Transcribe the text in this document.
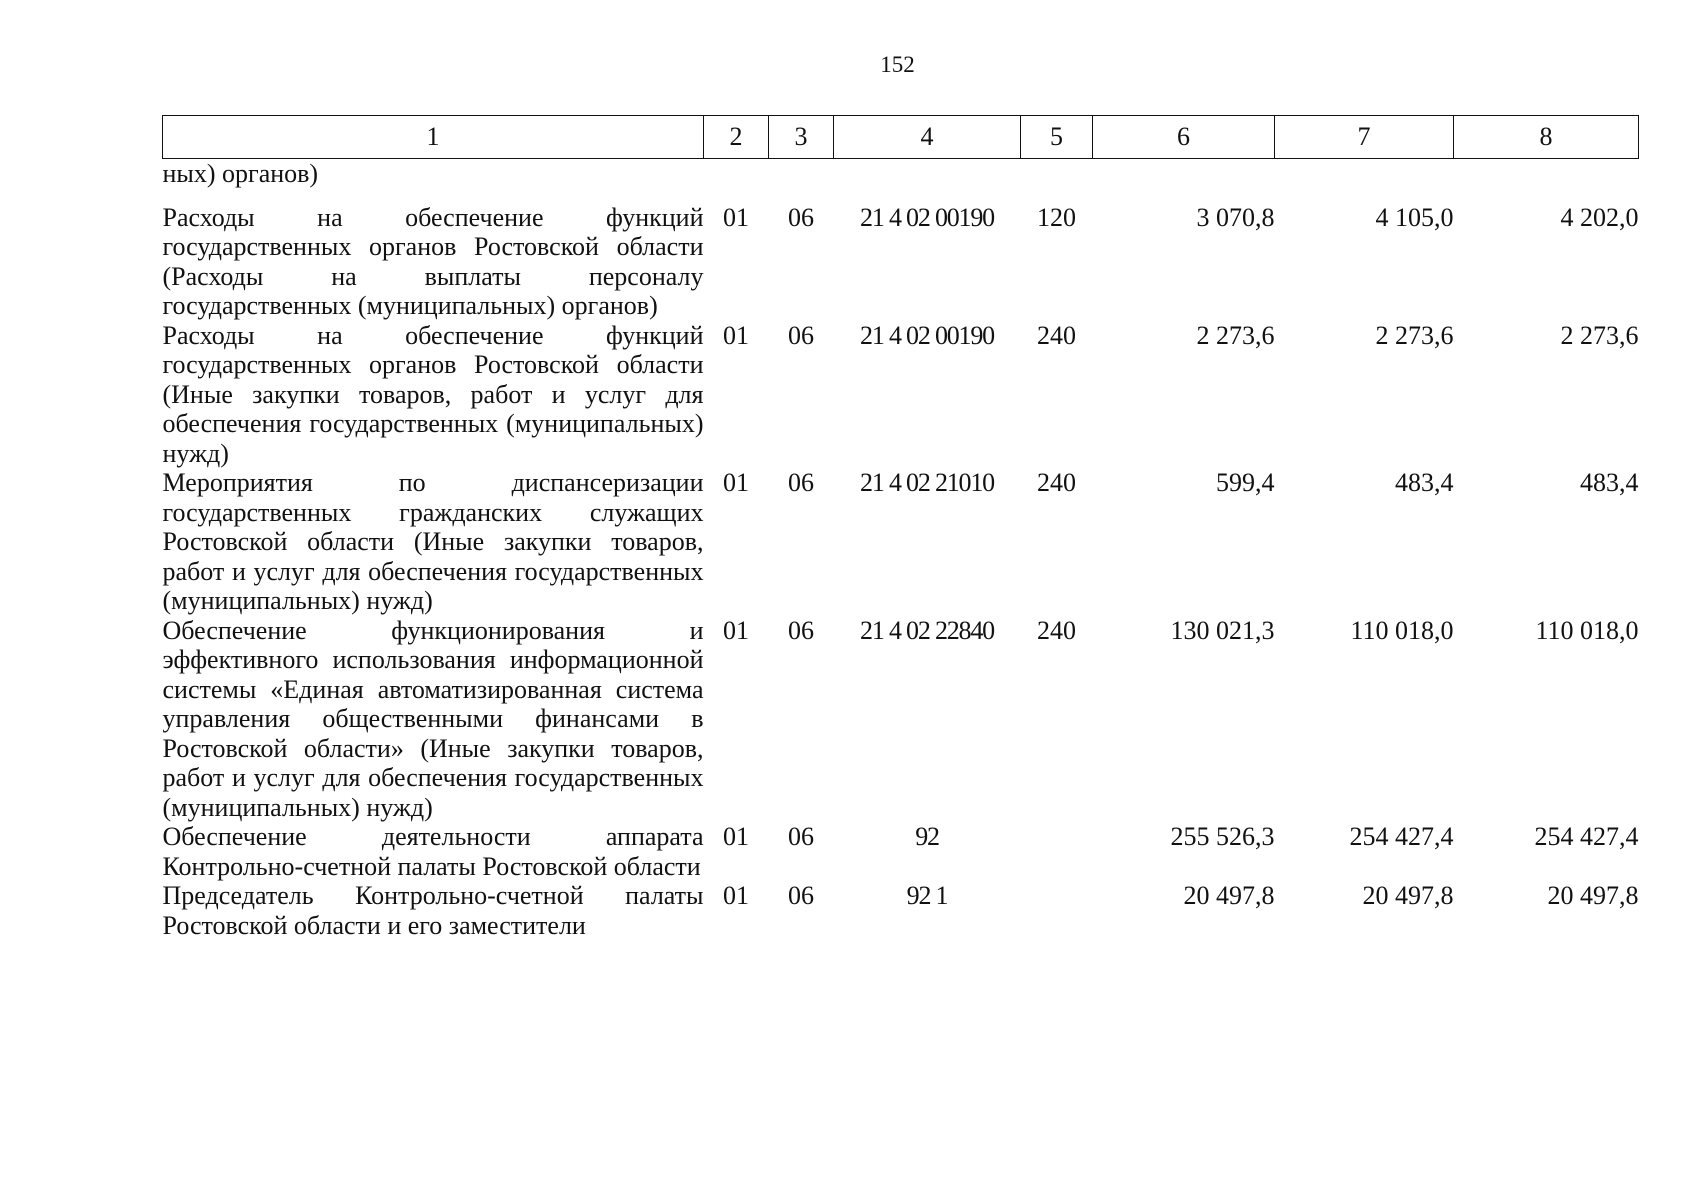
152
1	2	3	4	5	6	7	8
ных) органов)							
Расходы на обеспечение функций государственных органов Ростовской области (Расходы на выплаты персоналу государственных (муниципальных) органов)	01	06	21 4 02 00190	120	3 070,8	4 105,0	4 202,0
Расходы на обеспечение функций государственных органов Ростовской области (Иные закупки товаров, работ и услуг для обеспечения государственных (муниципальных) нужд)	01	06	21 4 02 00190	240	2 273,6	2 273,6	2 273,6
Мероприятия по диспансеризации государственных гражданских служащих Ростовской области (Иные закупки товаров, работ и услуг для обеспечения государственных (муниципальных) нужд)	01	06	21 4 02 21010	240	599,4	483,4	483,4
Обеспечение функционирования и эффективного использования информационной системы «Единая автоматизированная система управления общественными финансами в Ростовской области» (Иные закупки товаров, работ и услуг для обеспечения государственных (муниципальных) нужд)	01	06	21 4 02 22840	240	130 021,3	110 018,0	110 018,0
Обеспечение деятельности аппарата Контрольно-счетной палаты Ростовской области	01	06	92		255 526,3	254 427,4	254 427,4
Председатель Контрольно-счетной палаты Ростовской области и его заместители	01	06	92 1		20 497,8	20 497,8	20 497,8
